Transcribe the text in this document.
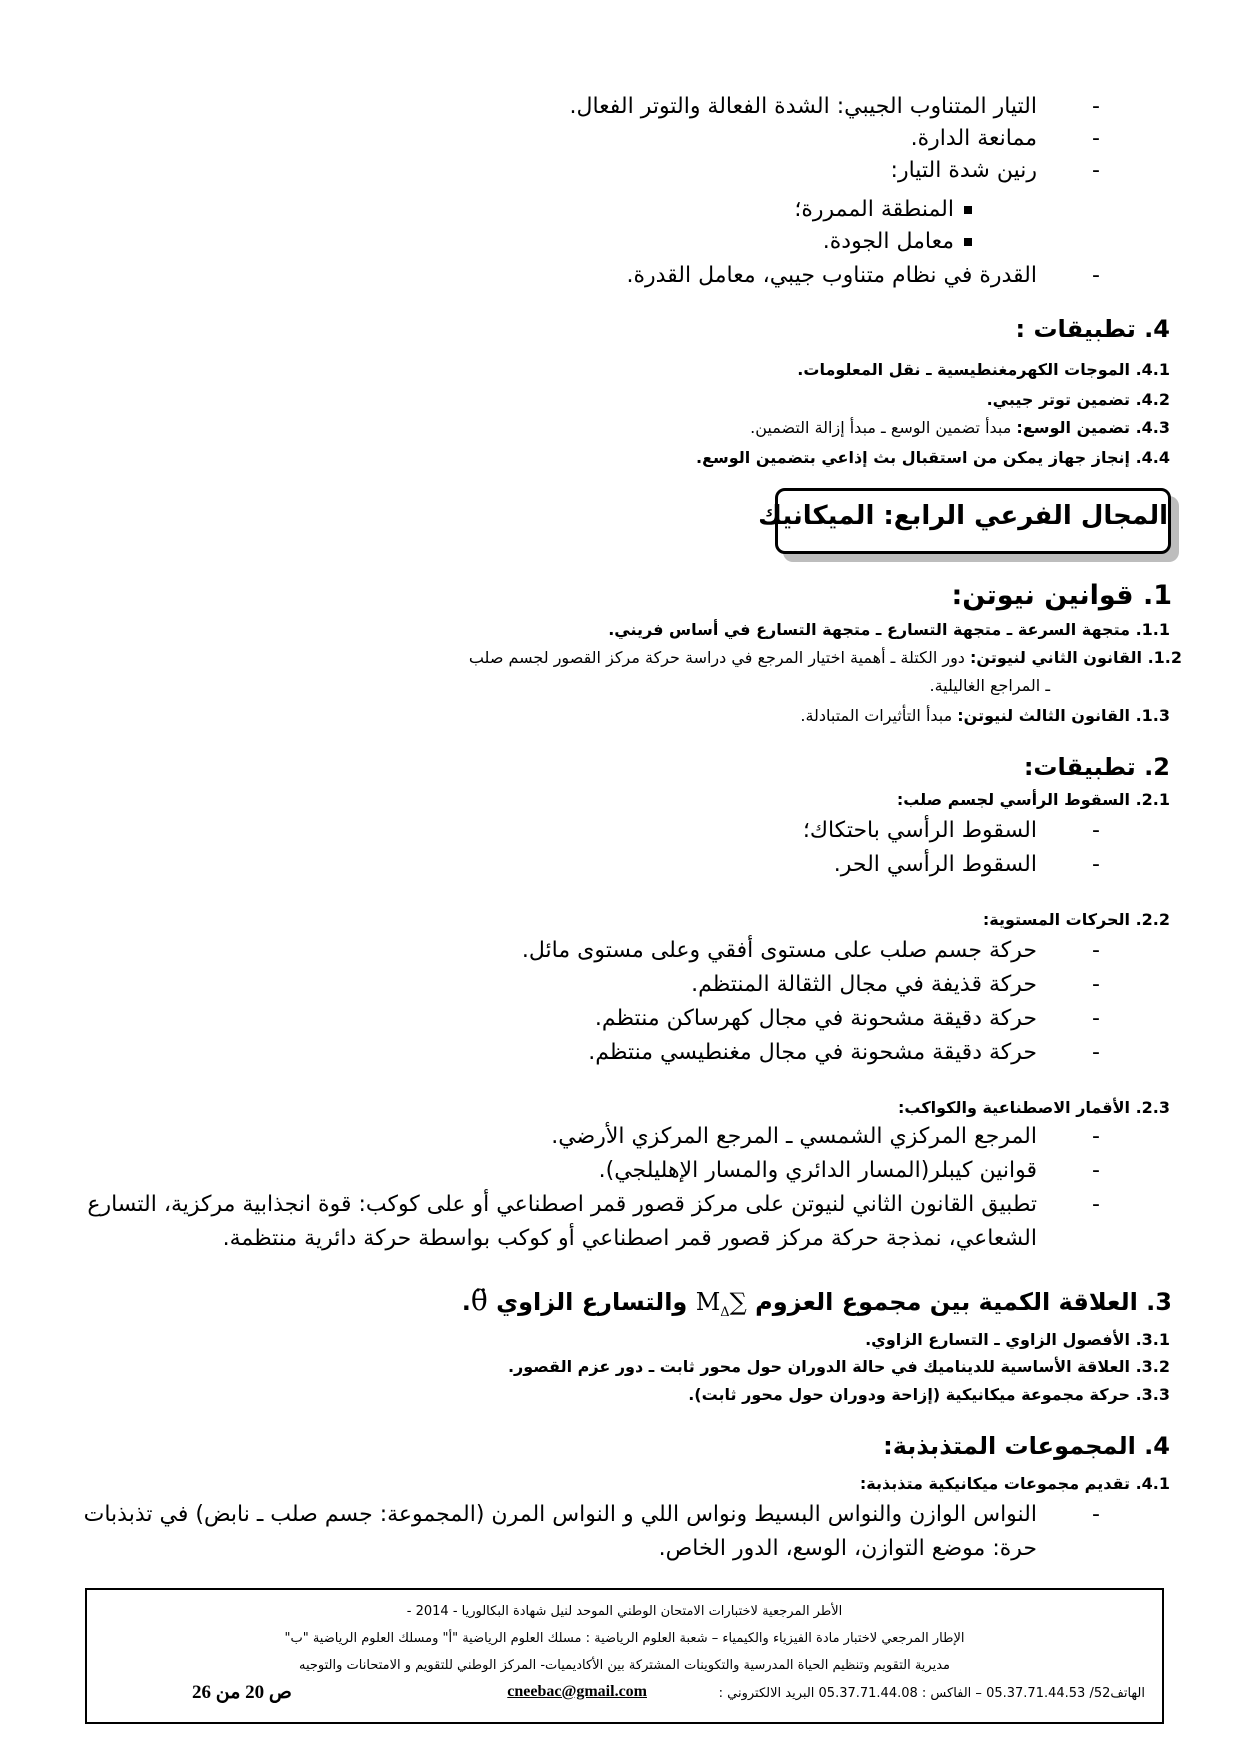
-
التيار المتناوب الجيبي: الشدة الفعالة والتوتر الفعال.
-
ممانعة الدارة.
-
رنين شدة التيار:
المنطقة الممررة؛
معامل الجودة.
-
القدرة في نظام متناوب جيبي، معامل القدرة.
4. تطبيقات :
4.1. الموجات الكهرمغنطيسية ـ نقل المعلومات.
4.2. تضمين توتر جيبي.
4.3. تضمين الوسع: مبدأ تضمين الوسع ـ مبدأ إزالة التضمين.
4.4. إنجاز جهاز يمكن من استقبال بث إذاعي بتضمين الوسع.
المجال الفرعي الرابع: الميكانيك
1. قوانين نيوتن:
1.1. متجهة السرعة ـ متجهة التسارع ـ متجهة التسارع في أساس فريني.
1.2. القانون الثاني لنيوتن: دور الكتلة ـ أهمية اختيار المرجع في دراسة حركة مركز القصور لجسم صلب
ـ المراجع الغاليلية.
1.3. القانون الثالث لنيوتن: مبدأ التأثيرات المتبادلة.
2. تطبيقات:
2.1. السقوط الرأسي لجسم صلب:
-
السقوط الرأسي باحتكاك؛
-
السقوط الرأسي الحر.
2.2. الحركات المستوية:
-
حركة جسم صلب على مستوى أفقي وعلى مستوى مائل.
-
حركة قذيفة في مجال الثقالة المنتظم.
-
حركة دقيقة مشحونة في مجال كهرساكن منتظم.
-
حركة دقيقة مشحونة في مجال مغنطيسي منتظم.
2.3. الأقمار الاصطناعية والكواكب:
-
المرجع المركزي الشمسي ـ المرجع المركزي الأرضي.
-
قوانين كيبلر(المسار الدائري والمسار الإهليلجي).
-
تطبيق القانون الثاني لنيوتن على مركز قصور قمر اصطناعي أو على كوكب: قوة انجذابية مركزية، التسارع
الشعاعي، نمذجة حركة مركز قصور قمر اصطناعي أو كوكب بواسطة حركة دائرية منتظمة.
3. العلاقة الكمية بين مجموع العزوم $\sum M_\Delta$ والتسارع الزاوي θ̈.
3.1. الأفصول الزاوي ـ التسارع الزاوي.
3.2. العلاقة الأساسية للديناميك في حالة الدوران حول محور ثابت ـ دور عزم القصور.
3.3. حركة مجموعة ميكانيكية (إزاحة ودوران حول محور ثابت).
4. المجموعات المتذبذبة:
4.1. تقديم مجموعات ميكانيكية متذبذبة:
-
النواس الوازن والنواس البسيط ونواس اللي و النواس المرن (المجموعة: جسم صلب ـ نابض) في تذبذبات
حرة: موضع التوازن، الوسع، الدور الخاص.
الأطر المرجعية لاختبارات الامتحان الوطني الموحد لنيل شهادة البكالوريا - 2014 -
الإطار المرجعي لاختبار مادة الفيزياء والكيمياء – شعبة العلوم الرياضية : مسلك العلوم الرياضية "أ" ومسلك العلوم الرياضية "ب"
مديرية التقويم وتنظيم الحياة المدرسية والتكوينات المشتركة بين الأكاديميات- المركز الوطني للتقويم و الامتحانات والتوجيه
الهاتف52/ 05.37.71.44.53 – الفاكس : 05.37.71.44.08 البريد الالكتروني :
cneebac@gmail.com
ص 20 من 26
